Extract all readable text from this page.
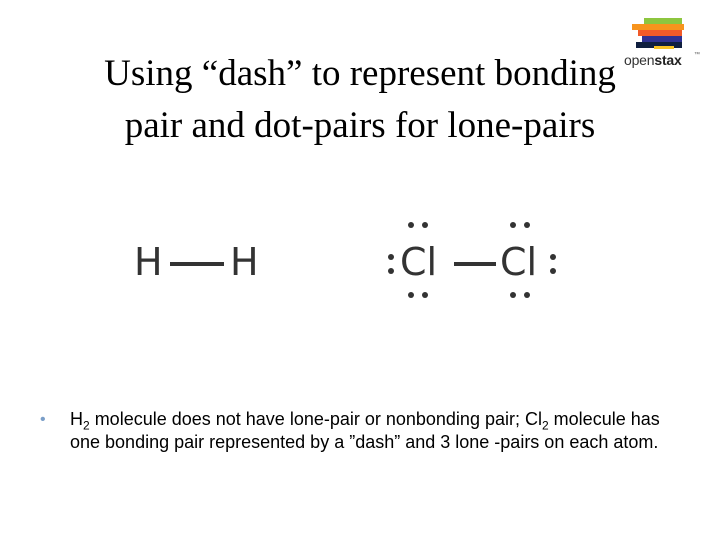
Using “dash” to represent bonding
pair and dot-pairs for lone-pairs
openstax ™
H H	Cl Cl
• $H_2$ molecule does not have lone-pair or nonbonding pair; $Cl_2$ molecule has one bonding pair represented by a ”dash” and 3 lone -pairs on each atom.
